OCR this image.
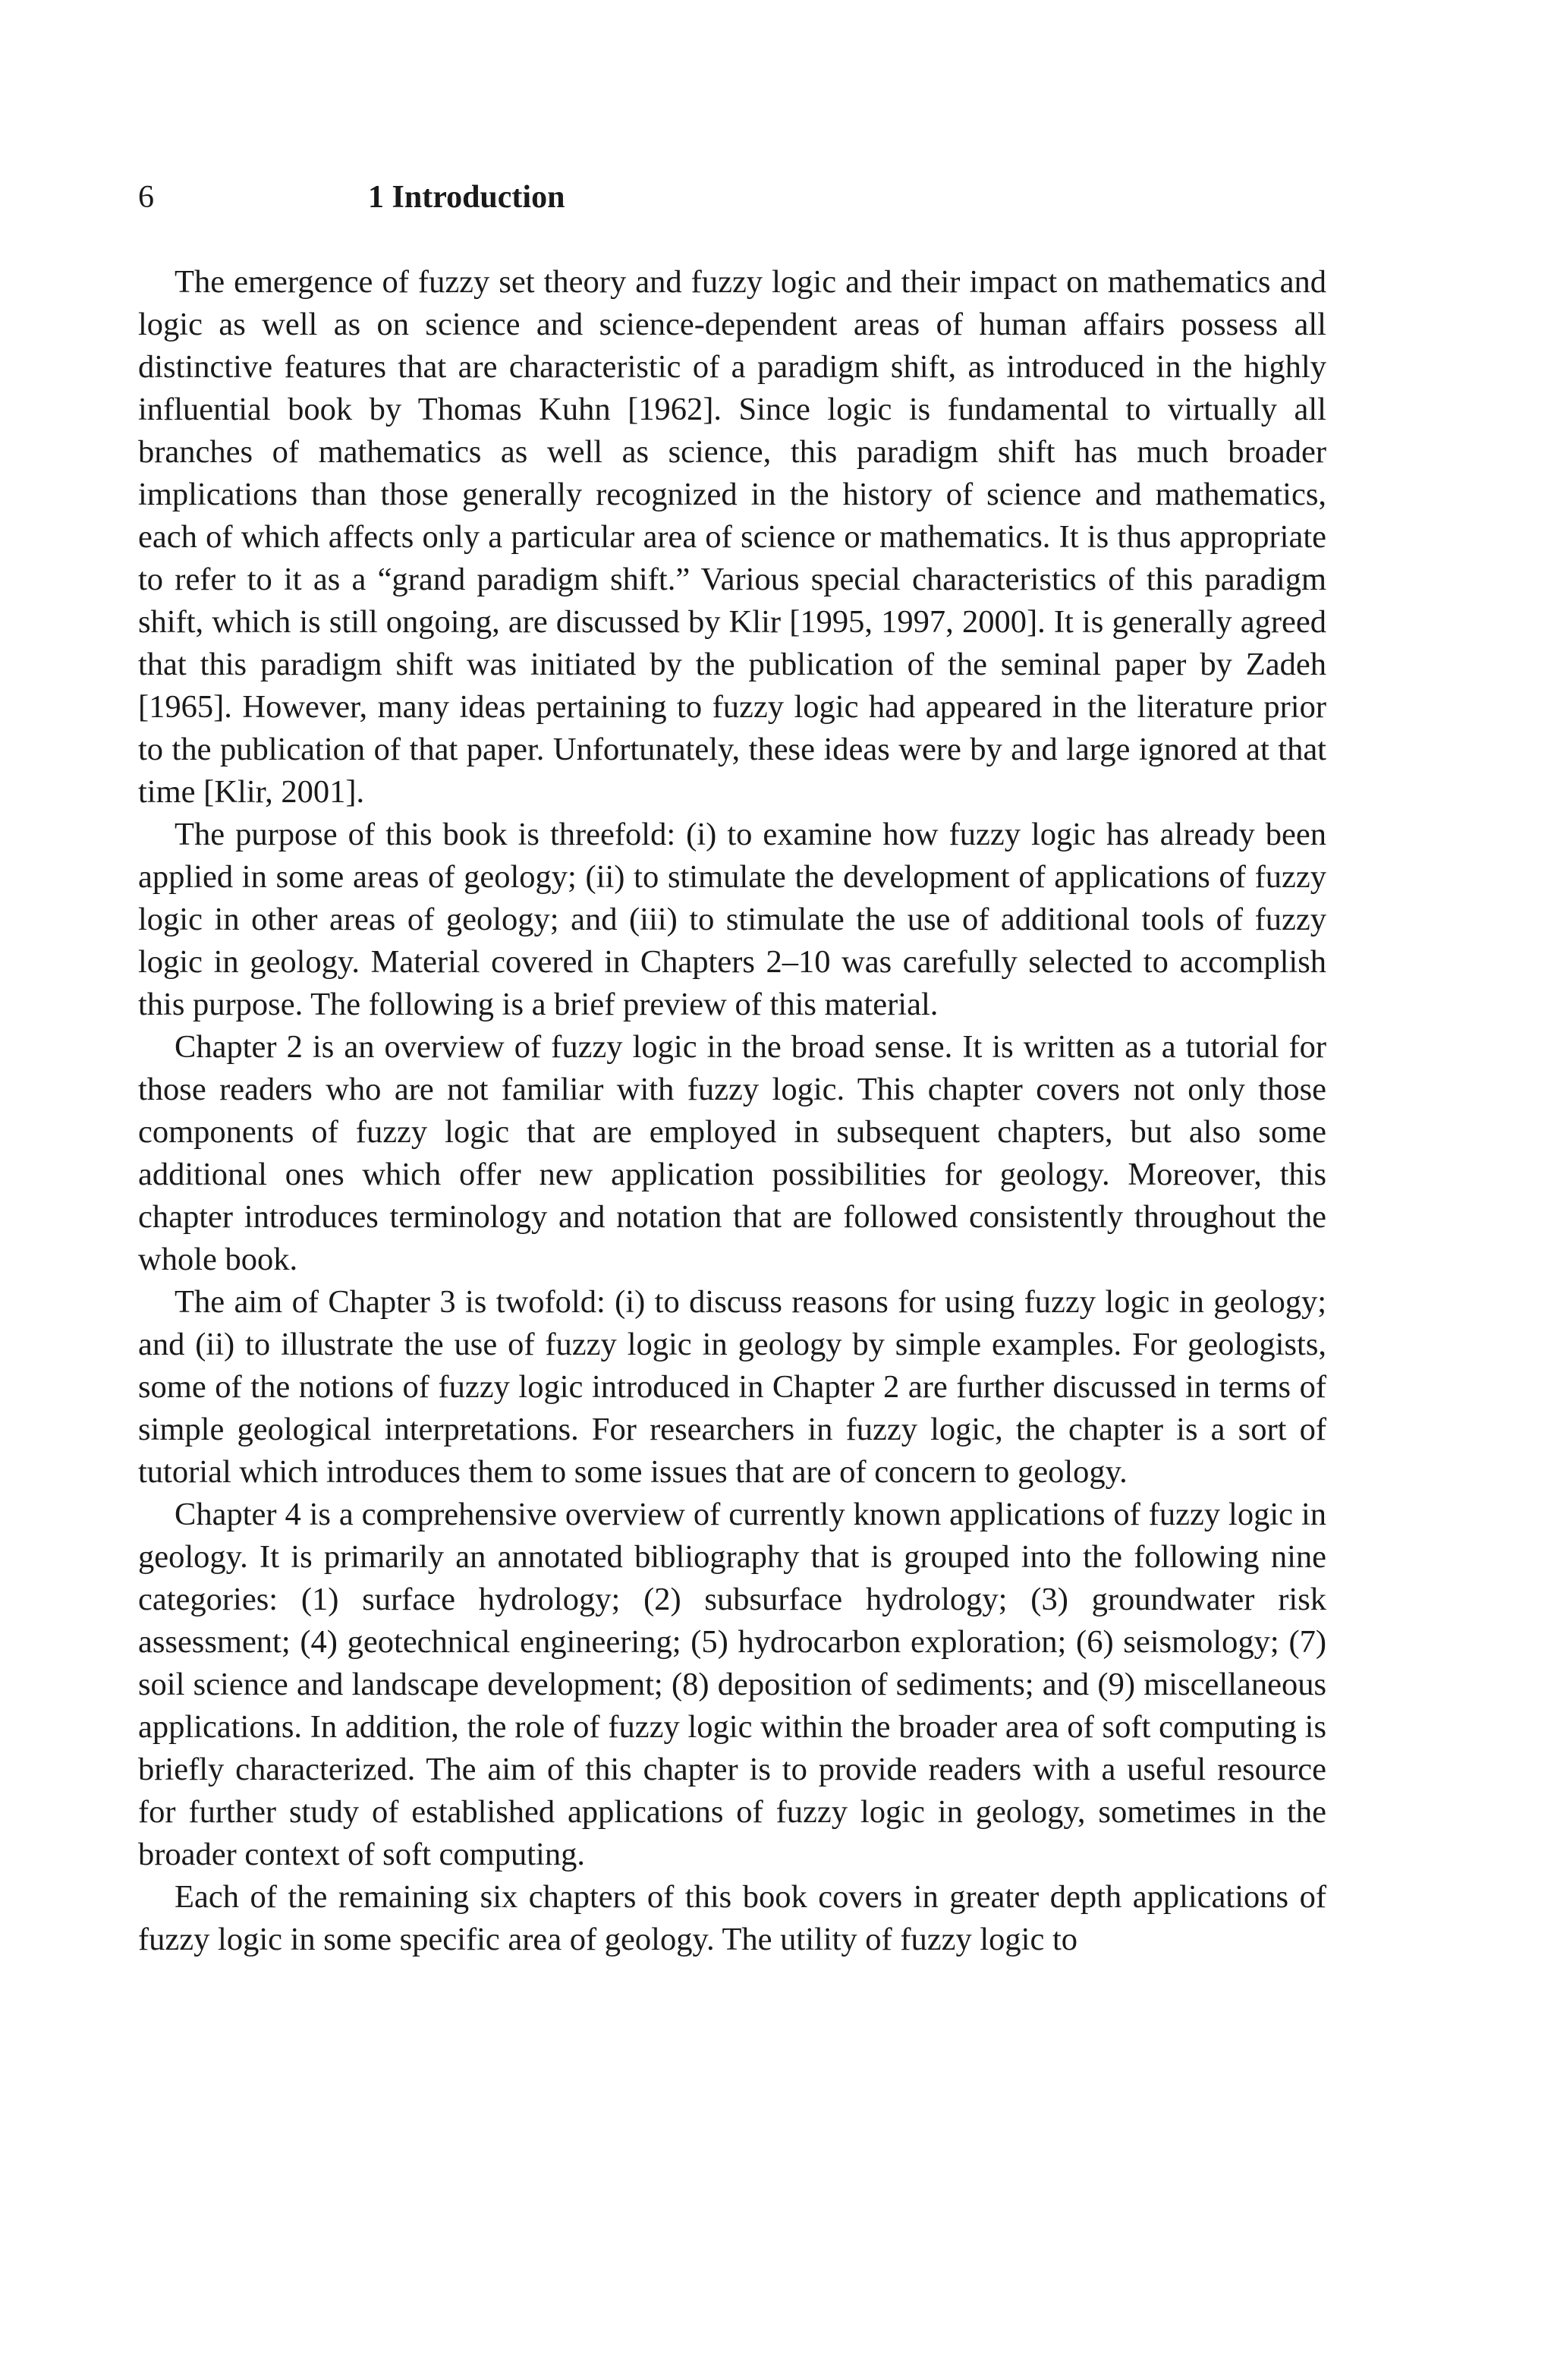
6	1 Introduction

The emergence of fuzzy set theory and fuzzy logic and their impact on mathematics and logic as well as on science and science-dependent areas of human affairs possess all distinctive features that are characteristic of a paradigm shift, as introduced in the highly influential book by Thomas Kuhn [1962]. Since logic is fundamental to virtually all branches of mathematics as well as science, this paradigm shift has much broader implications than those generally recognized in the history of science and mathematics, each of which affects only a particular area of science or mathematics. It is thus appropriate to refer to it as a “grand paradigm shift.” Various special characteristics of this paradigm shift, which is still ongoing, are discussed by Klir [1995, 1997, 2000]. It is generally agreed that this paradigm shift was initiated by the publication of the seminal paper by Zadeh [1965]. However, many ideas pertaining to fuzzy logic had appeared in the literature prior to the publication of that paper. Unfortunately, these ideas were by and large ignored at that time [Klir, 2001].

The purpose of this book is threefold: (i) to examine how fuzzy logic has already been applied in some areas of geology; (ii) to stimulate the development of applications of fuzzy logic in other areas of geology; and (iii) to stimulate the use of additional tools of fuzzy logic in geology. Material covered in Chapters 2–10 was carefully selected to accomplish this purpose. The following is a brief preview of this material.

Chapter 2 is an overview of fuzzy logic in the broad sense. It is written as a tutorial for those readers who are not familiar with fuzzy logic. This chapter covers not only those components of fuzzy logic that are employed in subsequent chapters, but also some additional ones which offer new application possibilities for geology. Moreover, this chapter introduces terminology and notation that are followed consistently throughout the whole book.

The aim of Chapter 3 is twofold: (i) to discuss reasons for using fuzzy logic in geology; and (ii) to illustrate the use of fuzzy logic in geology by simple examples. For geologists, some of the notions of fuzzy logic introduced in Chapter 2 are further discussed in terms of simple geological interpretations. For researchers in fuzzy logic, the chapter is a sort of tutorial which introduces them to some issues that are of concern to geology.

Chapter 4 is a comprehensive overview of currently known applications of fuzzy logic in geology. It is primarily an annotated bibliography that is grouped into the following nine categories: (1) surface hydrology; (2) subsurface hydrology; (3) groundwater risk assessment; (4) geotechnical engineering; (5) hydrocarbon exploration; (6) seismology; (7) soil science and landscape development; (8) deposition of sediments; and (9) miscellaneous applications. In addition, the role of fuzzy logic within the broader area of soft computing is briefly characterized. The aim of this chapter is to provide readers with a useful resource for further study of established applications of fuzzy logic in geology, sometimes in the broader context of soft computing.

Each of the remaining six chapters of this book covers in greater depth applications of fuzzy logic in some specific area of geology. The utility of fuzzy logic to
